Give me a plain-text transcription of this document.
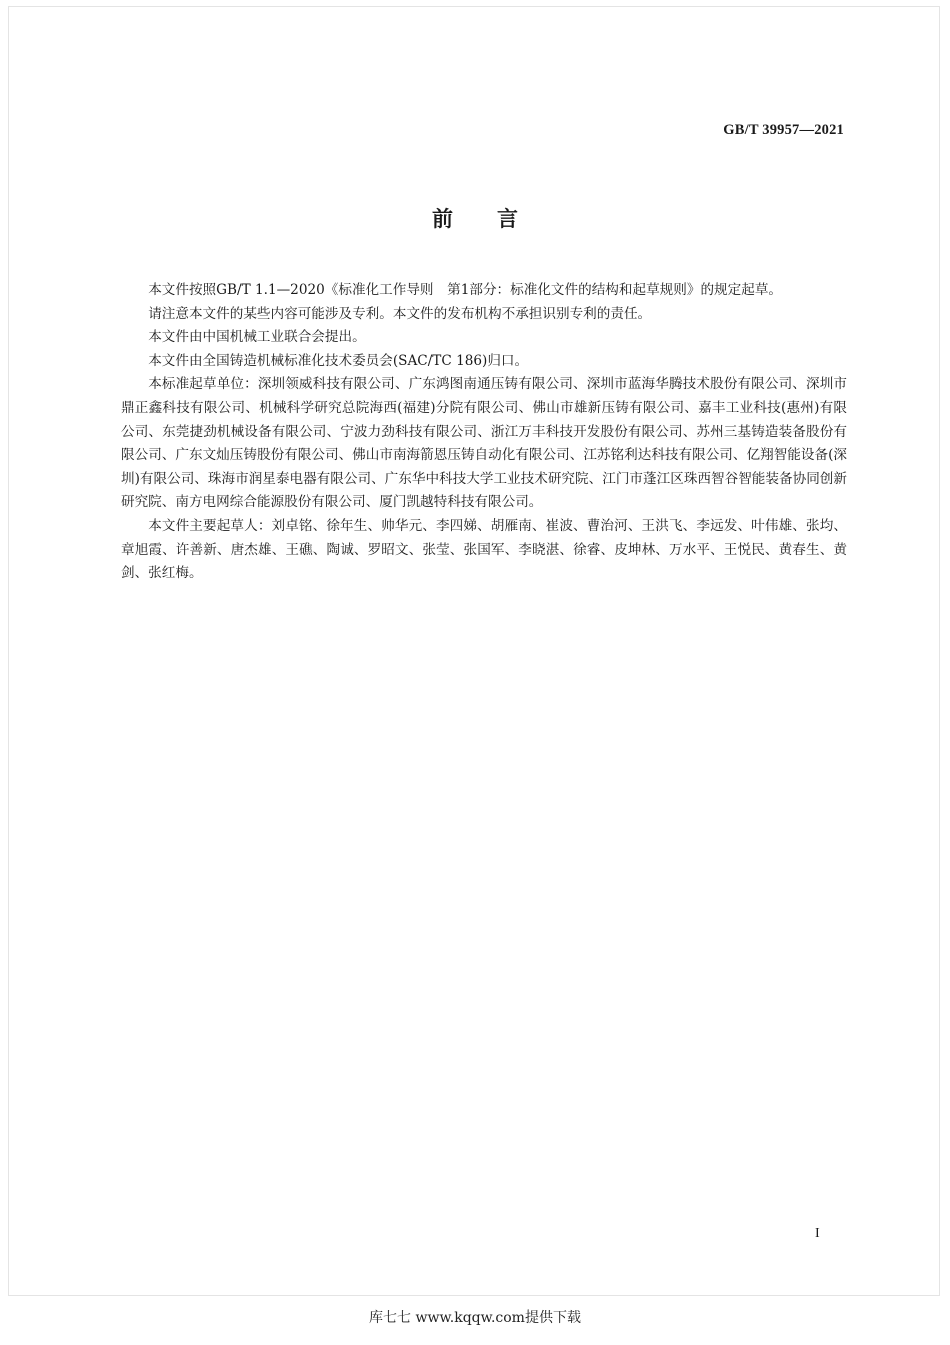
GB/T 39957—2021
前言

本文件按照GB/T 1.1—2020《标准化工作导则　第1部分：标准化文件的结构和起草规则》的规定起草。

请注意本文件的某些内容可能涉及专利。本文件的发布机构不承担识别专利的责任。

本文件由中国机械工业联合会提出。

本文件由全国铸造机械标准化技术委员会(SAC/TC 186)归口。

本标准起草单位：深圳领威科技有限公司、广东鸿图南通压铸有限公司、深圳市蓝海华腾技术股份有限公司、深圳市鼎正鑫科技有限公司、机械科学研究总院海西(福建)分院有限公司、佛山市雄新压铸有限公司、嘉丰工业科技(惠州)有限公司、东莞捷劲机械设备有限公司、宁波力劲科技有限公司、浙江万丰科技开发股份有限公司、苏州三基铸造装备股份有限公司、广东文灿压铸股份有限公司、佛山市南海箭恩压铸自动化有限公司、江苏铭利达科技有限公司、亿翔智能设备(深圳)有限公司、珠海市润星泰电器有限公司、广东华中科技大学工业技术研究院、江门市蓬江区珠西智谷智能装备协同创新研究院、南方电网综合能源股份有限公司、厦门凯越特科技有限公司。

本文件主要起草人：刘卓铭、徐年生、帅华元、李四娣、胡雁南、崔波、曹治河、王洪飞、李远发、叶伟雄、张均、章旭霞、许善新、唐杰雄、王礁、陶诚、罗昭文、张莹、张国军、李晓湛、徐睿、皮坤林、万水平、王悦民、黄春生、黄剑、张红梅。

I
库七七 www.kqqw.com提供下载
